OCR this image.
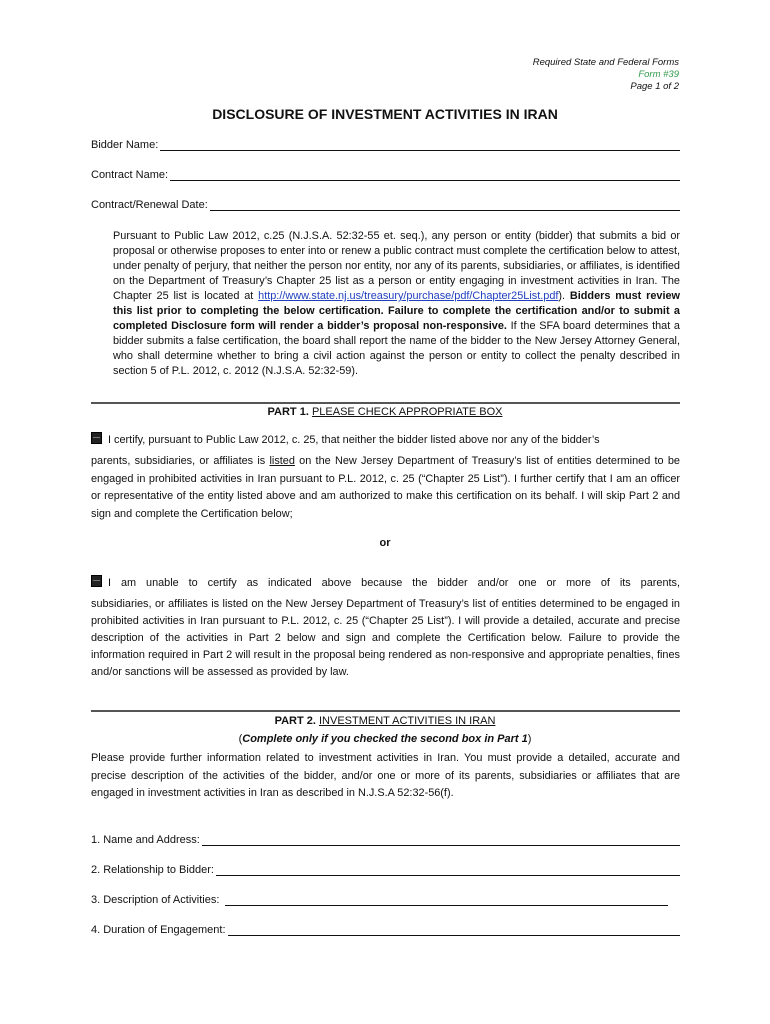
Required State and Federal Forms
Form #39
Page 1 of 2
DISCLOSURE OF INVESTMENT ACTIVITIES IN IRAN
Bidder Name:
Contract Name:
Contract/Renewal Date:
Pursuant to Public Law 2012, c.25 (N.J.S.A. 52:32-55 et. seq.), any person or entity (bidder) that submits a bid or proposal or otherwise proposes to enter into or renew a public contract must complete the certification below to attest, under penalty of perjury, that neither the person nor entity, nor any of its parents, subsidiaries, or affiliates, is identified on the Department of Treasury’s Chapter 25 list as a person or entity engaging in investment activities in Iran. The Chapter 25 list is located at http://www.state.nj.us/treasury/purchase/pdf/Chapter25List.pdf). Bidders must review this list prior to completing the below certification. Failure to complete the certification and/or to submit a completed Disclosure form will render a bidder’s proposal non-responsive. If the SFA board determines that a bidder submits a false certification, the board shall report the name of the bidder to the New Jersey Attorney General, who shall determine whether to bring a civil action against the person or entity to collect the penalty described in section 5 of P.L. 2012, c. 2012 (N.J.S.A. 52:32-59).
PART 1. PLEASE CHECK APPROPRIATE BOX
I certify, pursuant to Public Law 2012, c. 25, that neither the bidder listed above nor any of the bidder’s
parents, subsidiaries, or affiliates is listed on the New Jersey Department of Treasury’s list of entities determined to be engaged in prohibited activities in Iran pursuant to P.L. 2012, c. 25 (“Chapter 25 List”). I further certify that I am an officer or representative of the entity listed above and am authorized to make this certification on its behalf. I will skip Part 2 and sign and complete the Certification below;
or
I am unable to certify as indicated above because the bidder and/or one or more of its parents,
subsidiaries, or affiliates is listed on the New Jersey Department of Treasury’s list of entities determined to be engaged in prohibited activities in Iran pursuant to P.L. 2012, c. 25 (“Chapter 25 List”). I will provide a detailed, accurate and precise description of the activities in Part 2 below and sign and complete the Certification below. Failure to provide the information required in Part 2 will result in the proposal being rendered as non-responsive and appropriate penalties, fines and/or sanctions will be assessed as provided by law.
PART 2. INVESTMENT ACTIVITIES IN IRAN
(Complete only if you checked the second box in Part 1)
Please provide further information related to investment activities in Iran. You must provide a detailed, accurate and precise description of the activities of the bidder, and/or one or more of its parents, subsidiaries or affiliates that are engaged in investment activities in Iran as described in N.J.S.A 52:32-56(f).
1. Name and Address:
2. Relationship to Bidder:
3. Description of Activities:
4. Duration of Engagement:
